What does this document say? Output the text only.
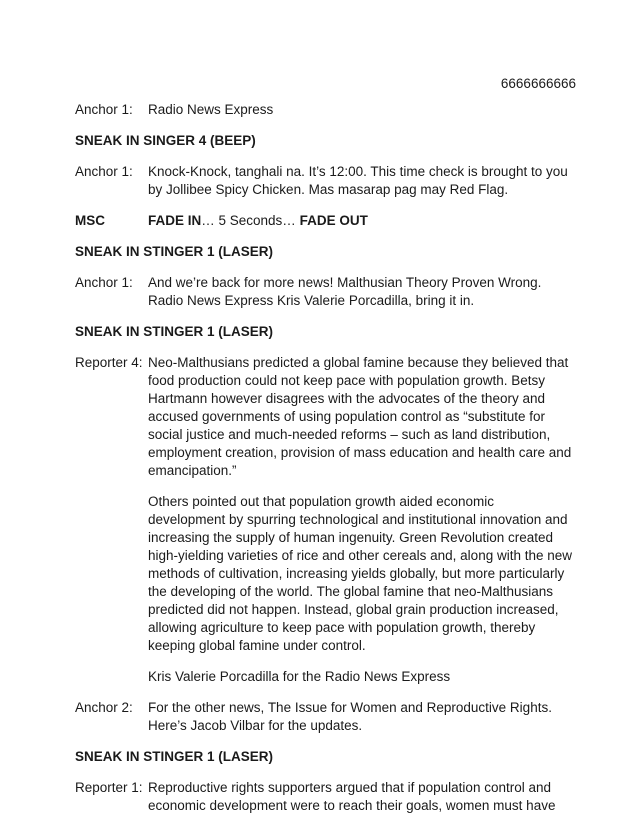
6666666666
Anchor 1:	Radio News Express
SNEAK IN SINGER 4 (BEEP)
Anchor 1:	Knock-Knock, tanghali na. It’s 12:00. This time check is brought to you by Jollibee Spicy Chicken. Mas masarap pag may Red Flag.
MSC	FADE IN… 5 Seconds… FADE OUT
SNEAK IN STINGER 1 (LASER)
Anchor 1:	And we’re back for more news! Malthusian Theory Proven Wrong. Radio News Express Kris Valerie Porcadilla, bring it in.
SNEAK IN STINGER 1 (LASER)
Reporter 4: Neo-Malthusians predicted a global famine because they believed that food production could not keep pace with population growth. Betsy Hartmann however disagrees with the advocates of the theory and accused governments of using population control as “substitute for social justice and much-needed reforms – such as land distribution, employment creation, provision of mass education and health care and emancipation.”

Others pointed out that population growth aided economic development by spurring technological and institutional innovation and increasing the supply of human ingenuity. Green Revolution created high-yielding varieties of rice and other cereals and, along with the new methods of cultivation, increasing yields globally, but more particularly the developing of the world. The global famine that neo-Malthusians predicted did not happen. Instead, global grain production increased, allowing agriculture to keep pace with population growth, thereby keeping global famine under control.

Kris Valerie Porcadilla for the Radio News Express

Anchor 2:	For the other news, The Issue for Women and Reproductive Rights. Here’s Jacob Vilbar for the updates.
SNEAK IN STINGER 1 (LASER)
Reporter 1: Reproductive rights supporters argued that if population control and economic development were to reach their goals, women must have
